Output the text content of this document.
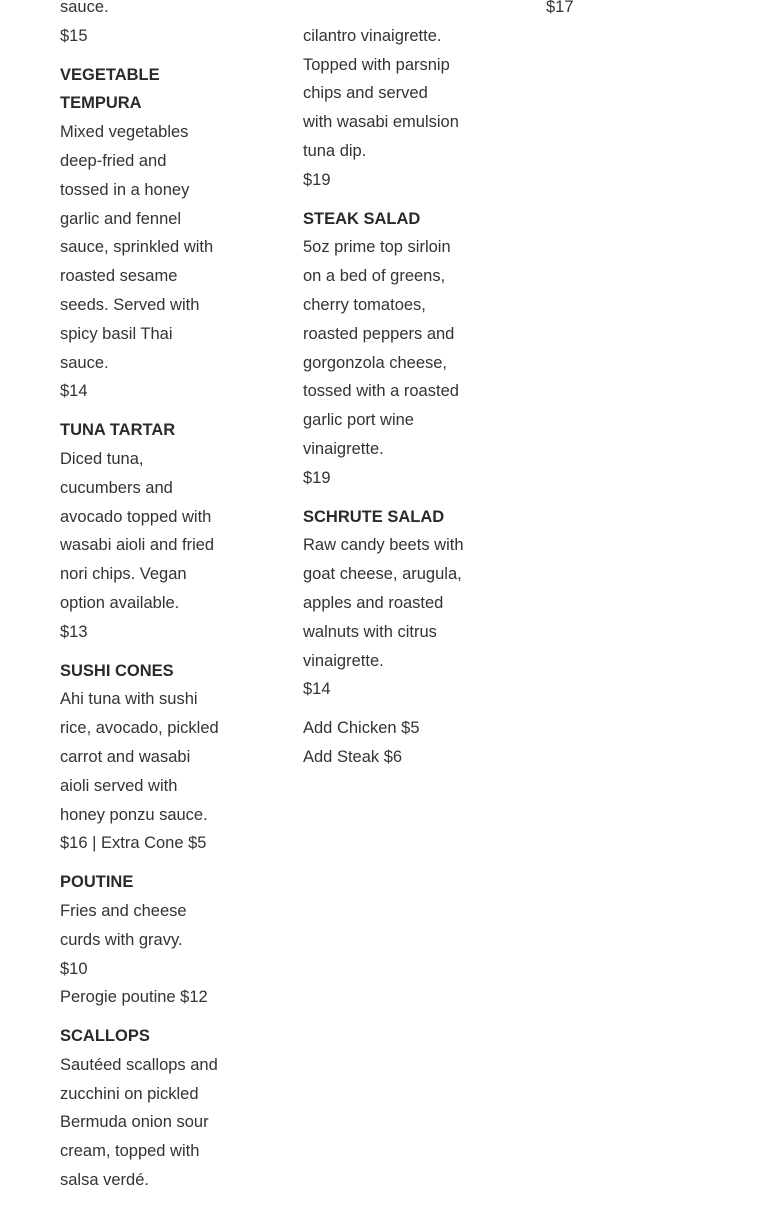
sauce.
$15
VEGETABLE
TEMPURA
Mixed vegetables
deep-fried and
tossed in a honey
garlic and fennel
sauce, sprinkled with
roasted sesame
seeds. Served with
spicy basil Thai
sauce.
$14
TUNA TARTAR
Diced tuna,
cucumbers and
avocado topped with
wasabi aioli and fried
nori chips. Vegan
option available.
$13
SUSHI CONES
Ahi tuna with sushi
rice, avocado, pickled
carrot and wasabi
aioli served with
honey ponzu sauce.
$16 | Extra Cone $5
POUTINE
Fries and cheese
curds with gravy.
$10
Perogie poutine $12
SCALLOPS
Sautéed scallops and
zucchini on pickled
Bermuda onion sour
cream, topped with
salsa verdé.
cilantro vinaigrette.
Topped with parsnip
chips and served
with wasabi emulsion
tuna dip.
$19
STEAK SALAD
5oz prime top sirloin
on a bed of greens,
cherry tomatoes,
roasted peppers and
gorgonzola cheese,
tossed with a roasted
garlic port wine
vinaigrette.
$19
SCHRUTE SALAD
Raw candy beets with
goat cheese, arugula,
apples and roasted
walnuts with citrus
vinaigrette.
$14
Add Chicken $5
Add Steak $6
$17
